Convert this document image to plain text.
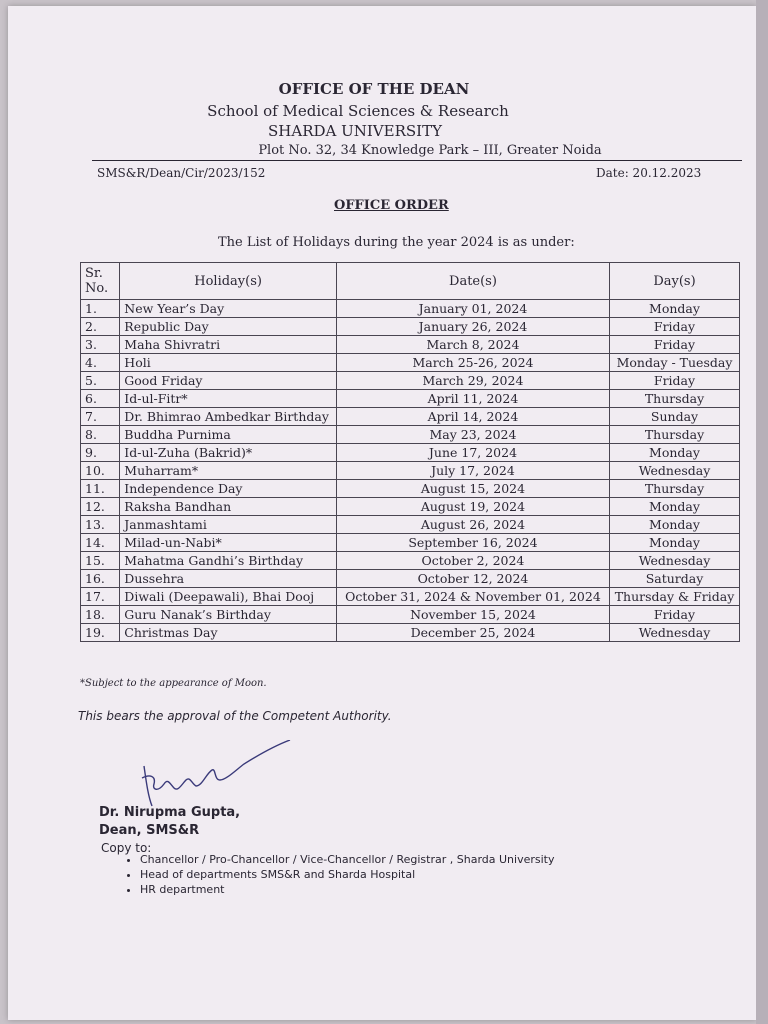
OFFICE OF THE DEAN
School of Medical Sciences & Research
SHARDA UNIVERSITY
Plot No. 32, 34 Knowledge Park – III, Greater Noida
SMS&R/Dean/Cir/2023/152	Date: 20.12.2023
OFFICE ORDER
The List of Holidays during the year 2024 is as under:
Sr. No.	Holiday(s)	Date(s)	Day(s)
1.	New Year’s Day	January 01, 2024	Monday
2.	Republic Day	January 26, 2024	Friday
3.	Maha Shivratri	March 8, 2024	Friday
4.	Holi	March 25-26, 2024	Monday - Tuesday
5.	Good Friday	March 29, 2024	Friday
6.	Id-ul-Fitr*	April 11, 2024	Thursday
7.	Dr. Bhimrao Ambedkar Birthday	April 14, 2024	Sunday
8.	Buddha Purnima	May 23, 2024	Thursday
9.	Id-ul-Zuha (Bakrid)*	June 17, 2024	Monday
10.	Muharram*	July 17, 2024	Wednesday
11.	Independence Day	August 15, 2024	Thursday
12.	Raksha Bandhan	August 19, 2024	Monday
13.	Janmashtami	August 26, 2024	Monday
14.	Milad-un-Nabi*	September 16, 2024	Monday
15.	Mahatma Gandhi’s Birthday	October 2, 2024	Wednesday
16.	Dussehra	October 12, 2024	Saturday
17.	Diwali (Deepawali), Bhai Dooj	October 31, 2024 & November 01, 2024	Thursday & Friday
18.	Guru Nanak’s Birthday	November 15, 2024	Friday
19.	Christmas Day	December 25, 2024	Wednesday
*Subject to the appearance of Moon.
This bears the approval of the Competent Authority.
Dr. Nirupma Gupta,
Dean, SMS&R
Copy to:
• Chancellor / Pro-Chancellor / Vice-Chancellor / Registrar , Sharda University
• Head of departments SMS&R and Sharda Hospital
• HR department
